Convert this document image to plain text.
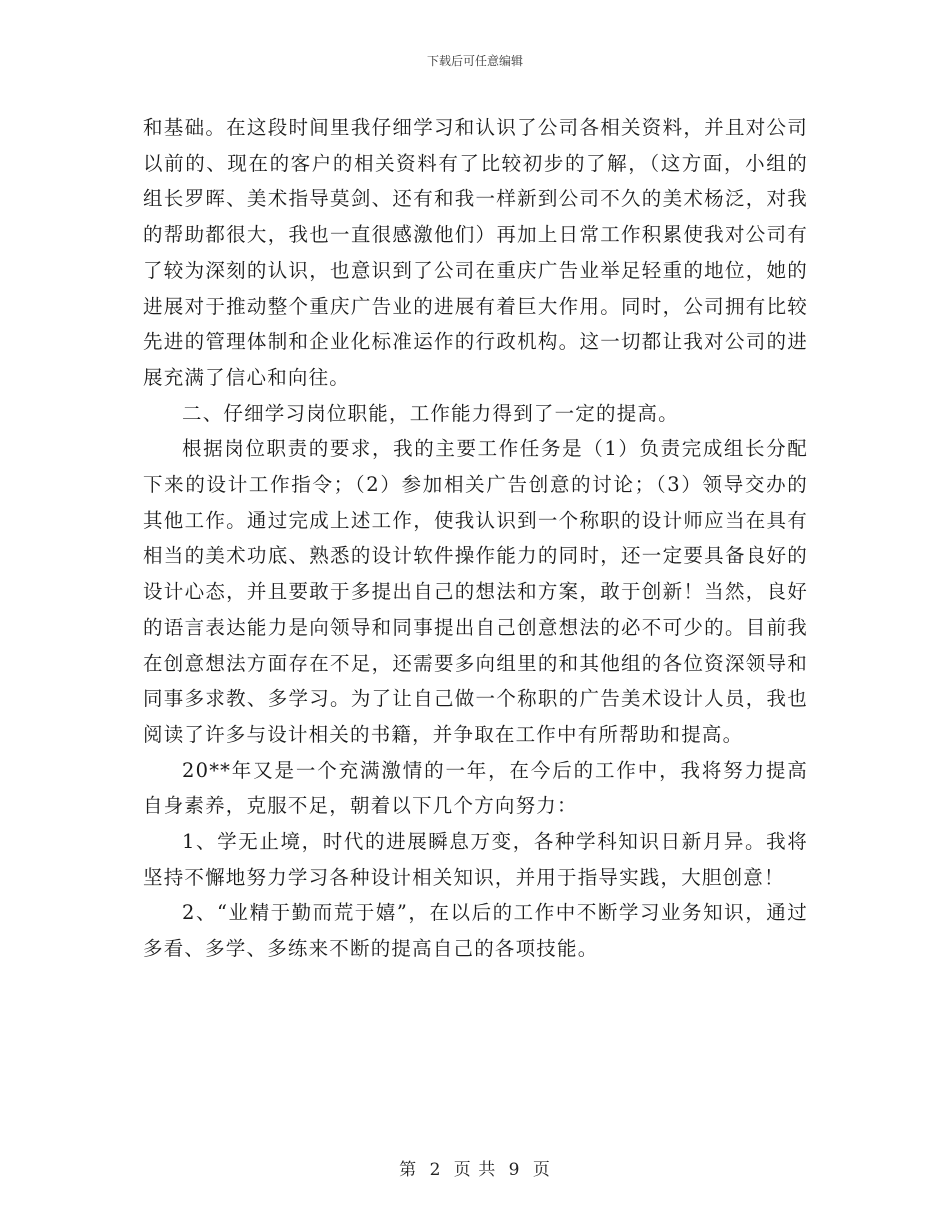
下载后可任意编辑

和基础。在这段时间里我仔细学习和认识了公司各相关资料，并且对公司以前的、现在的客户的相关资料有了比较初步的了解，（这方面，小组的组长罗晖、美术指导莫剑、还有和我一样新到公司不久的美术杨泛，对我的帮助都很大，我也一直很感激他们）再加上日常工作积累使我对公司有了较为深刻的认识，也意识到了公司在重庆广告业举足轻重的地位，她的进展对于推动整个重庆广告业的进展有着巨大作用。同时，公司拥有比较先进的管理体制和企业化标准运作的行政机构。这一切都让我对公司的进展充满了信心和向往。

二、仔细学习岗位职能，工作能力得到了一定的提高。

根据岗位职责的要求，我的主要工作任务是（1）负责完成组长分配下来的设计工作指令；（2）参加相关广告创意的讨论；（3）领导交办的其他工作。通过完成上述工作，使我认识到一个称职的设计师应当在具有相当的美术功底、熟悉的设计软件操作能力的同时，还一定要具备良好的设计心态，并且要敢于多提出自己的想法和方案，敢于创新！当然，良好的语言表达能力是向领导和同事提出自己创意想法的必不可少的。目前我在创意想法方面存在不足，还需要多向组里的和其他组的各位资深领导和同事多求教、多学习。为了让自己做一个称职的广告美术设计人员，我也阅读了许多与设计相关的书籍，并争取在工作中有所帮助和提高。

20**年又是一个充满激情的一年，在今后的工作中，我将努力提高自身素养，克服不足，朝着以下几个方向努力：

1、学无止境，时代的进展瞬息万变，各种学科知识日新月异。我将坚持不懈地努力学习各种设计相关知识，并用于指导实践，大胆创意！

2、“业精于勤而荒于嬉”，在以后的工作中不断学习业务知识，通过多看、多学、多练来不断的提高自己的各项技能。

第 2 页 共 9 页
